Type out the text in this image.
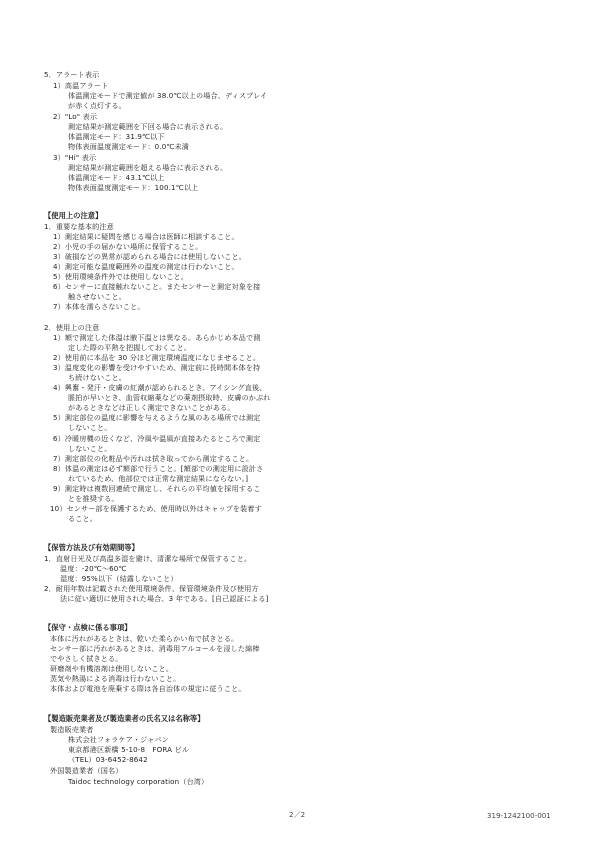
5．アラート表示
1）高温アラート
体温測定モードで測定値が 38.0℃以上の場合、ディスプレイ
が赤く点灯する。
2）"Lo" 表示
測定結果が測定範囲を下回る場合に表示される。
体温測定モード：31.9℃以下
物体表面温度測定モード：0.0℃未満
3）"Hi" 表示
測定結果が測定範囲を超える場合に表示される。
体温測定モード：43.1℃以上
物体表面温度測定モード：100.1℃以上
【使用上の注意】
1．重要な基本的注意
1）測定結果に疑問を感じる場合は医師に相談すること。
2）小児の手の届かない場所に保管すること。
3）破損などの異常が認められる場合には使用しないこと。
4）測定可能な温度範囲外の温度の測定は行わないこと。
5）使用環境条件外では使用しないこと。
6）センサーに直接触れないこと。またセンサーと測定対象を接
触させないこと。
7）本体を濡らさないこと。
2．使用上の注意
1）額で測定した体温は腋下温とは異なる。あらかじめ本品で測
定した際の平熱を把握しておくこと。
2）使用前に本品を 30 分ほど測定環境温度になじませること。
3）温度変化の影響を受けやすいため、測定前に長時間本体を持
ち続けないこと。
4）興奮・発汗・皮膚の紅潮が認められるとき、アイシング直後、
脈拍が早いとき、血管収縮薬などの薬剤摂取時、皮膚のかぶれ
があるときなどは正しく測定できないことがある。
5）測定部位の温度に影響を与えるような風のある場所では測定
しないこと。
6）冷暖房機の近くなど、冷風や温風が直接あたるところで測定
しないこと。
7）測定部位の化粧品や汚れは拭き取ってから測定すること。
8）体温の測定は必ず額部で行うこと。[額部での測定用に設計さ
れているため、他部位では正常な測定結果にならない。]
9）測定時は複数回連続で測定し、それらの平均値を採用するこ
とを推奨する。
10）センサー部を保護するため、使用時以外はキャップを装着す
ること。
【保管方法及び有効期間等】
1．直射日光及び高温多湿を避け、清潔な場所で保管すること。
温度：-20℃～60℃
湿度：95%以下（結露しないこと）
2．耐用年数は記載された使用環境条件、保管環境条件及び使用方
法に従い適切に使用された場合、3 年である。[自己認証による]
【保守・点検に係る事項】
本体に汚れがあるときは、乾いた柔らかい布で拭きとる。
センサー部に汚れがあるときは、消毒用アルコールを浸した綿棒
でやさしく拭きとる。
研磨剤や有機溶剤は使用しないこと。
蒸気や熱湯による消毒は行わないこと。
本体および電池を廃棄する際は各自治体の規定に従うこと。
【製造販売業者及び製造業者の氏名又は名称等】
製造販売業者
株式会社フォラケア・ジャパン
東京都港区新橋 5-10-8　FORA ビル
（TEL）03-6452-8642
外国製造業者（国名）
Taidoc technology corporation（台湾）
2／2	319-1242100-001
